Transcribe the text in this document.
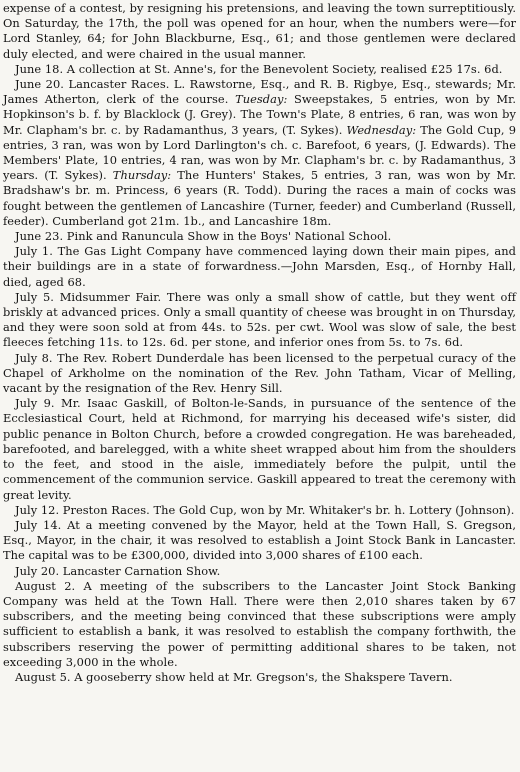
expense of a contest, by resigning his pretensions, and leaving the town surreptitiously. On Saturday, the 17th, the poll was opened for an hour, when the numbers were—for Lord Stanley, 64; for John Blackburne, Esq., 61; and those gentlemen were declared duly elected, and were chaired in the usual manner.

June 18. A collection at St. Anne's, for the Benevolent Society, realised £25 17s. 6d.

June 20. Lancaster Races. L. Rawstorne, Esq., and R. B. Rigbye, Esq., stewards; Mr. James Atherton, clerk of the course. Tuesday: Sweepstakes, 5 entries, won by Mr. Hopkinson's b. f. by Blacklock (J. Grey). The Town's Plate, 8 entries, 6 ran, was won by Mr. Clapham's br. c. by Radamanthus, 3 years, (T. Sykes). Wednesday: The Gold Cup, 9 entries, 3 ran, was won by Lord Darlington's ch. c. Barefoot, 6 years, (J. Edwards). The Members' Plate, 10 entries, 4 ran, was won by Mr. Clapham's br. c. by Radamanthus, 3 years. (T. Sykes). Thursday: The Hunters' Stakes, 5 entries, 3 ran, was won by Mr. Bradshaw's br. m. Princess, 6 years (R. Todd). During the races a main of cocks was fought between the gentlemen of Lancashire (Turner, feeder) and Cumberland (Russell, feeder). Cumberland got 21m. 1b., and Lancashire 18m.

June 23. Pink and Ranunculа Show in the Boys' National School.

July 1. The Gas Light Company have commenced laying down their main pipes, and their buildings are in a state of forwardness.—John Marsden, Esq., of Hornby Hall, died, aged 68.

July 5. Midsummer Fair. There was only a small show of cattle, but they went off briskly at advanced prices. Only a small quantity of cheese was brought in on Thursday, and they were soon sold at from 44s. to 52s. per cwt. Wool was slow of sale, the best fleeces fetching 11s. to 12s. 6d. per stone, and inferior ones from 5s. to 7s. 6d.

July 8. The Rev. Robert Dunderdale has been licensed to the perpetual curacy of the Chapel of Arkholme on the nomination of the Rev. John Tatham, Vicar of Melling, vacant by the resignation of the Rev. Henry Sill.

July 9. Mr. Isaac Gaskill, of Bolton-le-Sands, in pursuance of the sentence of the Ecclesiastical Court, held at Richmond, for marrying his deceased wife's sister, did public penance in Bolton Church, before a crowded congregation. He was bareheaded, barefooted, and barelegged, with a white sheet wrapped about him from the shoulders to the feet, and stood in the aisle, immediately before the pulpit, until the commencement of the communion service. Gaskill appeared to treat the ceremony with great levity.

July 12. Preston Races. The Gold Cup, won by Mr. Whitaker's br. h. Lottery (Johnson).

July 14. At a meeting convened by the Mayor, held at the Town Hall, S. Gregson, Esq., Mayor, in the chair, it was resolved to establish a Joint Stock Bank in Lancaster. The capital was to be £300,000, divided into 3,000 shares of £100 each.

July 20. Lancaster Carnation Show.

August 2. A meeting of the subscribers to the Lancaster Joint Stock Banking Company was held at the Town Hall. There were then 2,010 shares taken by 67 subscribers, and the meeting being convinced that these subscriptions were amply sufficient to establish a bank, it was resolved to establish the company forthwith, the subscribers reserving the power of permitting additional shares to be taken, not exceeding 3,000 in the whole.

August 5. A gooseberry show held at Mr. Gregson's, the Shakspere Tavern.
